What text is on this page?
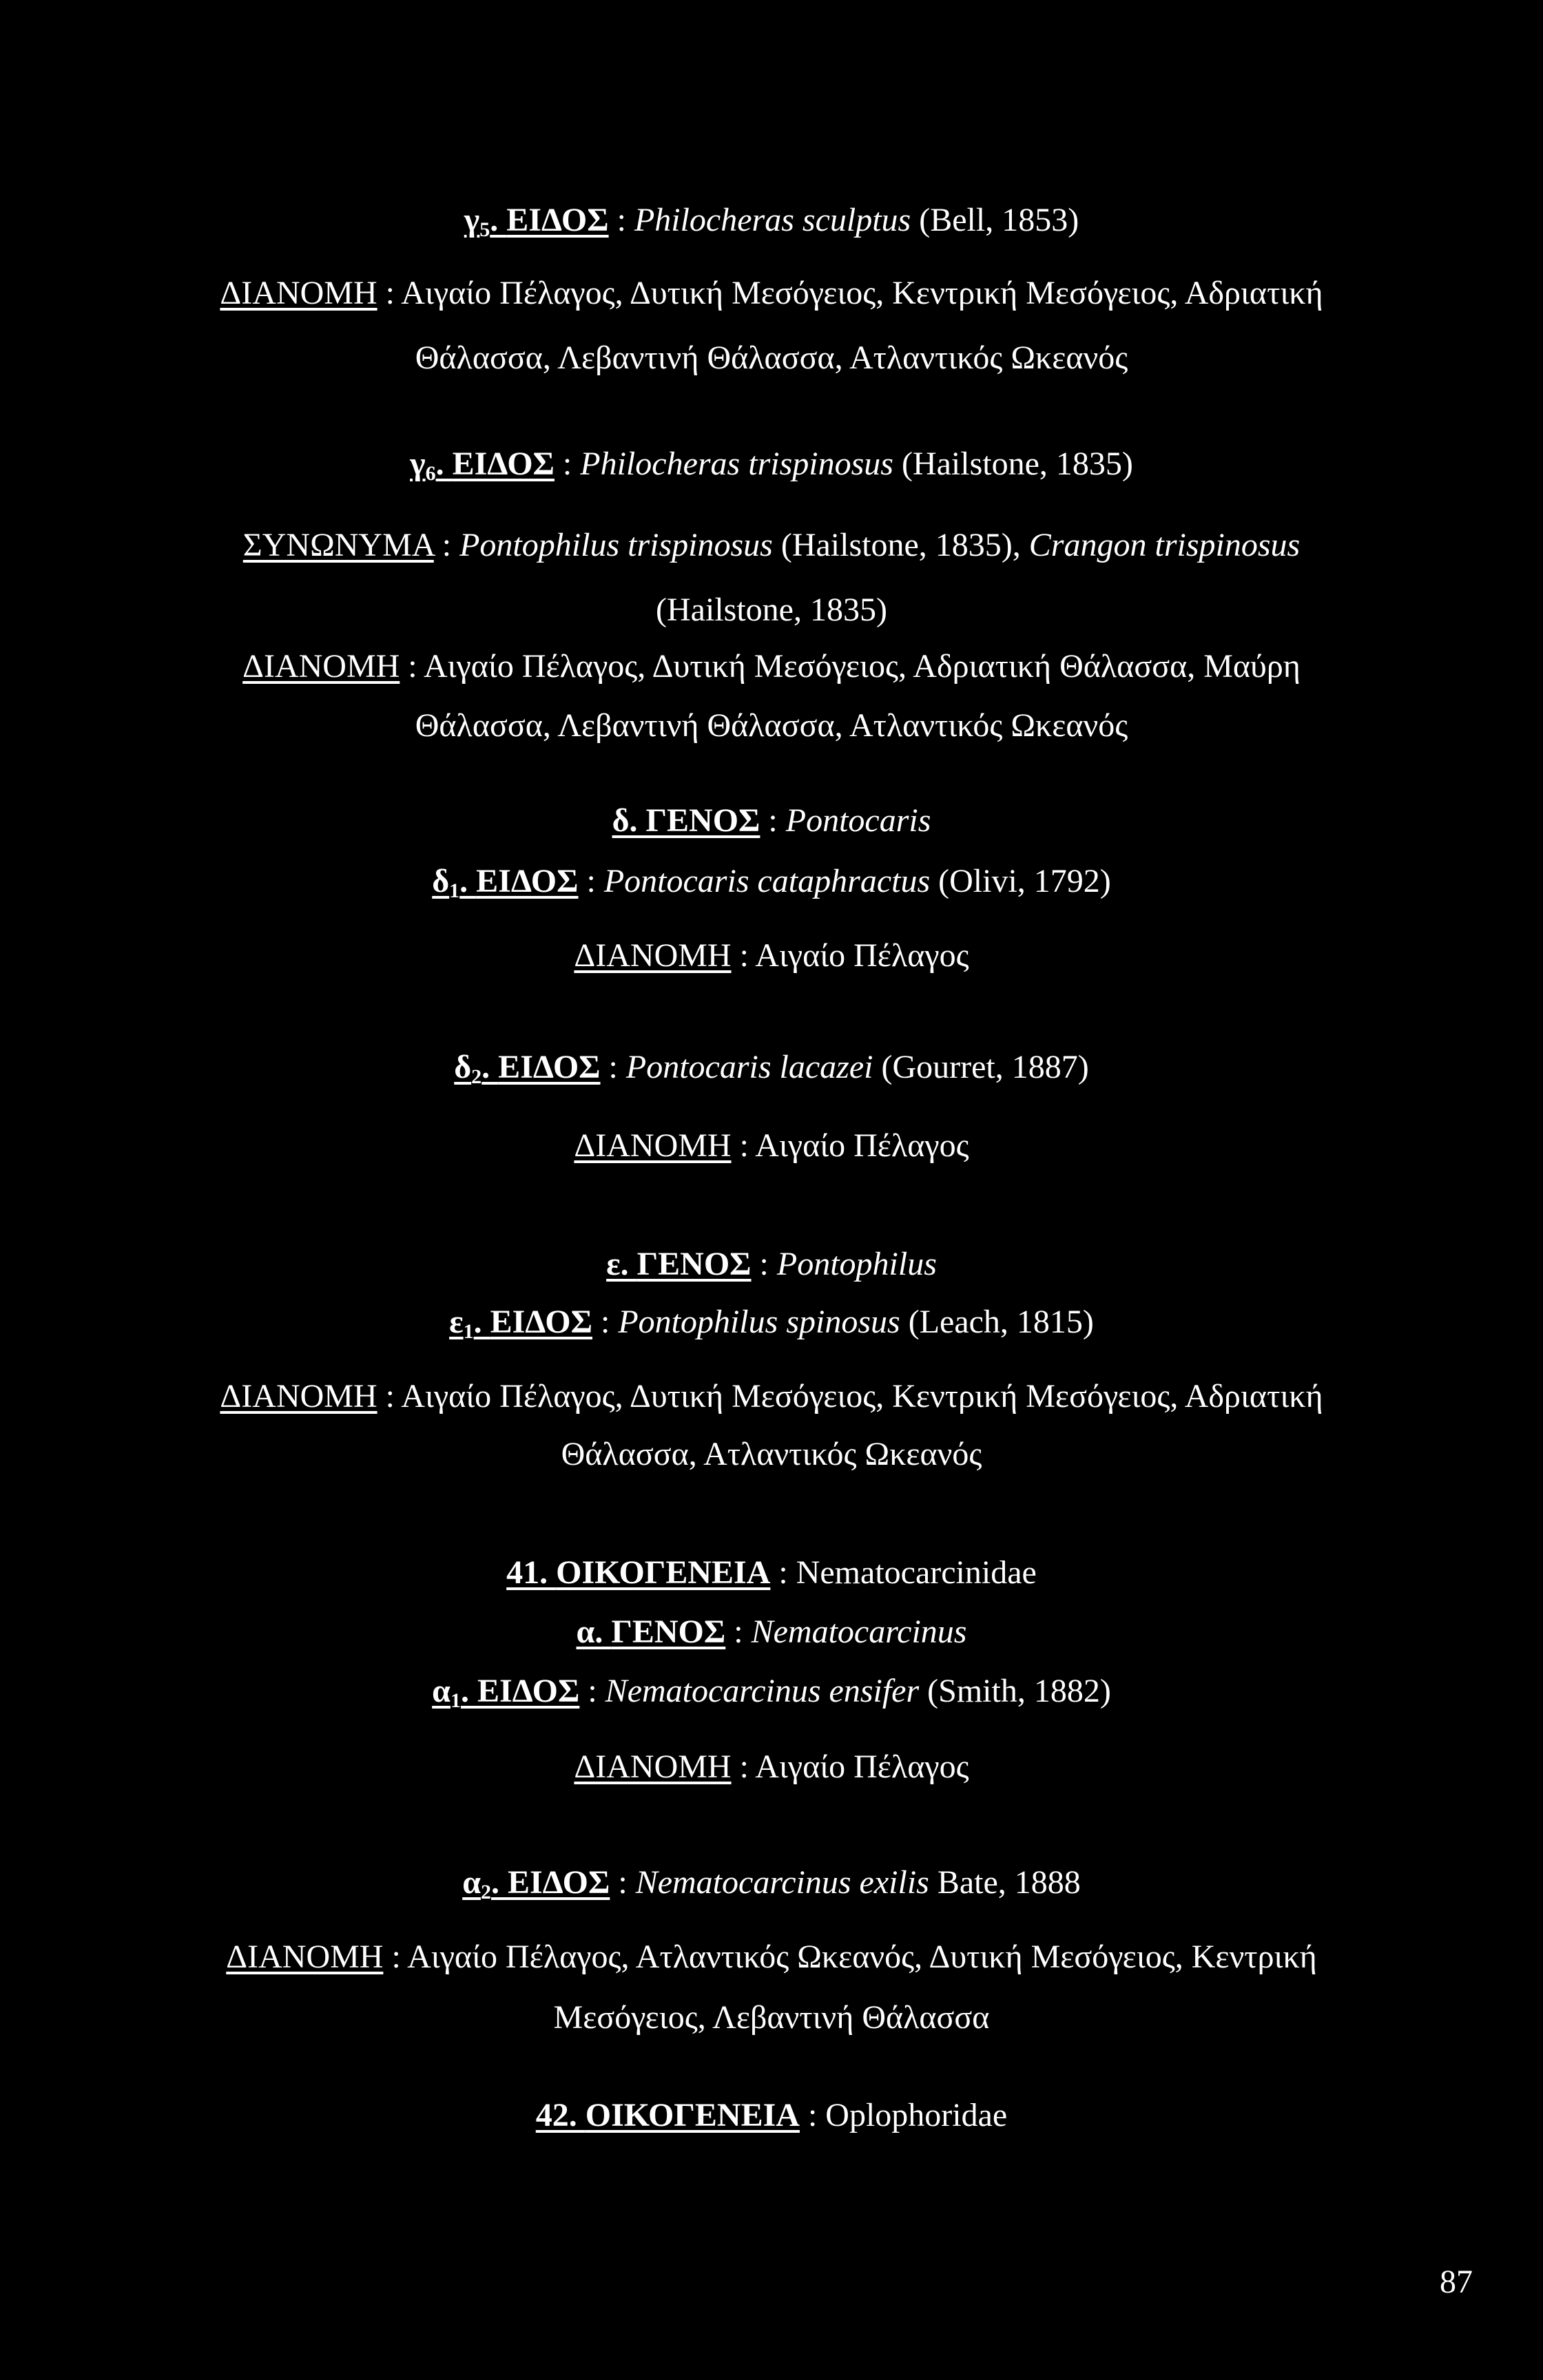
$\gamma_5$. ΕΙΔΟΣ : Philocheras sculptus (Bell, 1853)
ΔΙΑΝΟΜΗ : Αιγαίο Πέλαγος, Δυτική Μεσόγειος, Κεντρική Μεσόγειος, Αδριατική
Θάλασσα, Λεβαντινή Θάλασσα, Ατλαντικός Ωκεανός
$\gamma_6$. ΕΙΔΟΣ : Philocheras trispinosus (Hailstone, 1835)
ΣΥΝΩΝΥΜΑ : Pontophilus trispinosus (Hailstone, 1835), Crangon trispinosus
(Hailstone, 1835)
ΔΙΑΝΟΜΗ : Αιγαίο Πέλαγος, Δυτική Μεσόγειος, Αδριατική Θάλασσα, Μαύρη
Θάλασσα, Λεβαντινή Θάλασσα, Ατλαντικός Ωκεανός
δ. ΓΕΝΟΣ : Pontocaris
$\delta_1$. ΕΙΔΟΣ : Pontocaris cataphractus (Olivi, 1792)
ΔΙΑΝΟΜΗ : Αιγαίο Πέλαγος
$\delta_2$. ΕΙΔΟΣ : Pontocaris lacazei (Gourret, 1887)
ΔΙΑΝΟΜΗ : Αιγαίο Πέλαγος
ε. ΓΕΝΟΣ : Pontophilus
$\varepsilon_1$. ΕΙΔΟΣ : Pontophilus spinosus (Leach, 1815)
ΔΙΑΝΟΜΗ : Αιγαίο Πέλαγος, Δυτική Μεσόγειος, Κεντρική Μεσόγειος, Αδριατική
Θάλασσα, Ατλαντικός Ωκεανός
41. ΟΙΚΟΓΕΝΕΙΑ : Nematocarcinidae
α. ΓΕΝΟΣ : Nematocarcinus
$\alpha_1$. ΕΙΔΟΣ : Nematocarcinus ensifer (Smith, 1882)
ΔΙΑΝΟΜΗ : Αιγαίο Πέλαγος
$\alpha_2$. ΕΙΔΟΣ : Nematocarcinus exilis Bate, 1888
ΔΙΑΝΟΜΗ : Αιγαίο Πέλαγος, Ατλαντικός Ωκεανός, Δυτική Μεσόγειος, Κεντρική
Μεσόγειος, Λεβαντινή Θάλασσα
42. ΟΙΚΟΓΕΝΕΙΑ : Oplophoridae
87
